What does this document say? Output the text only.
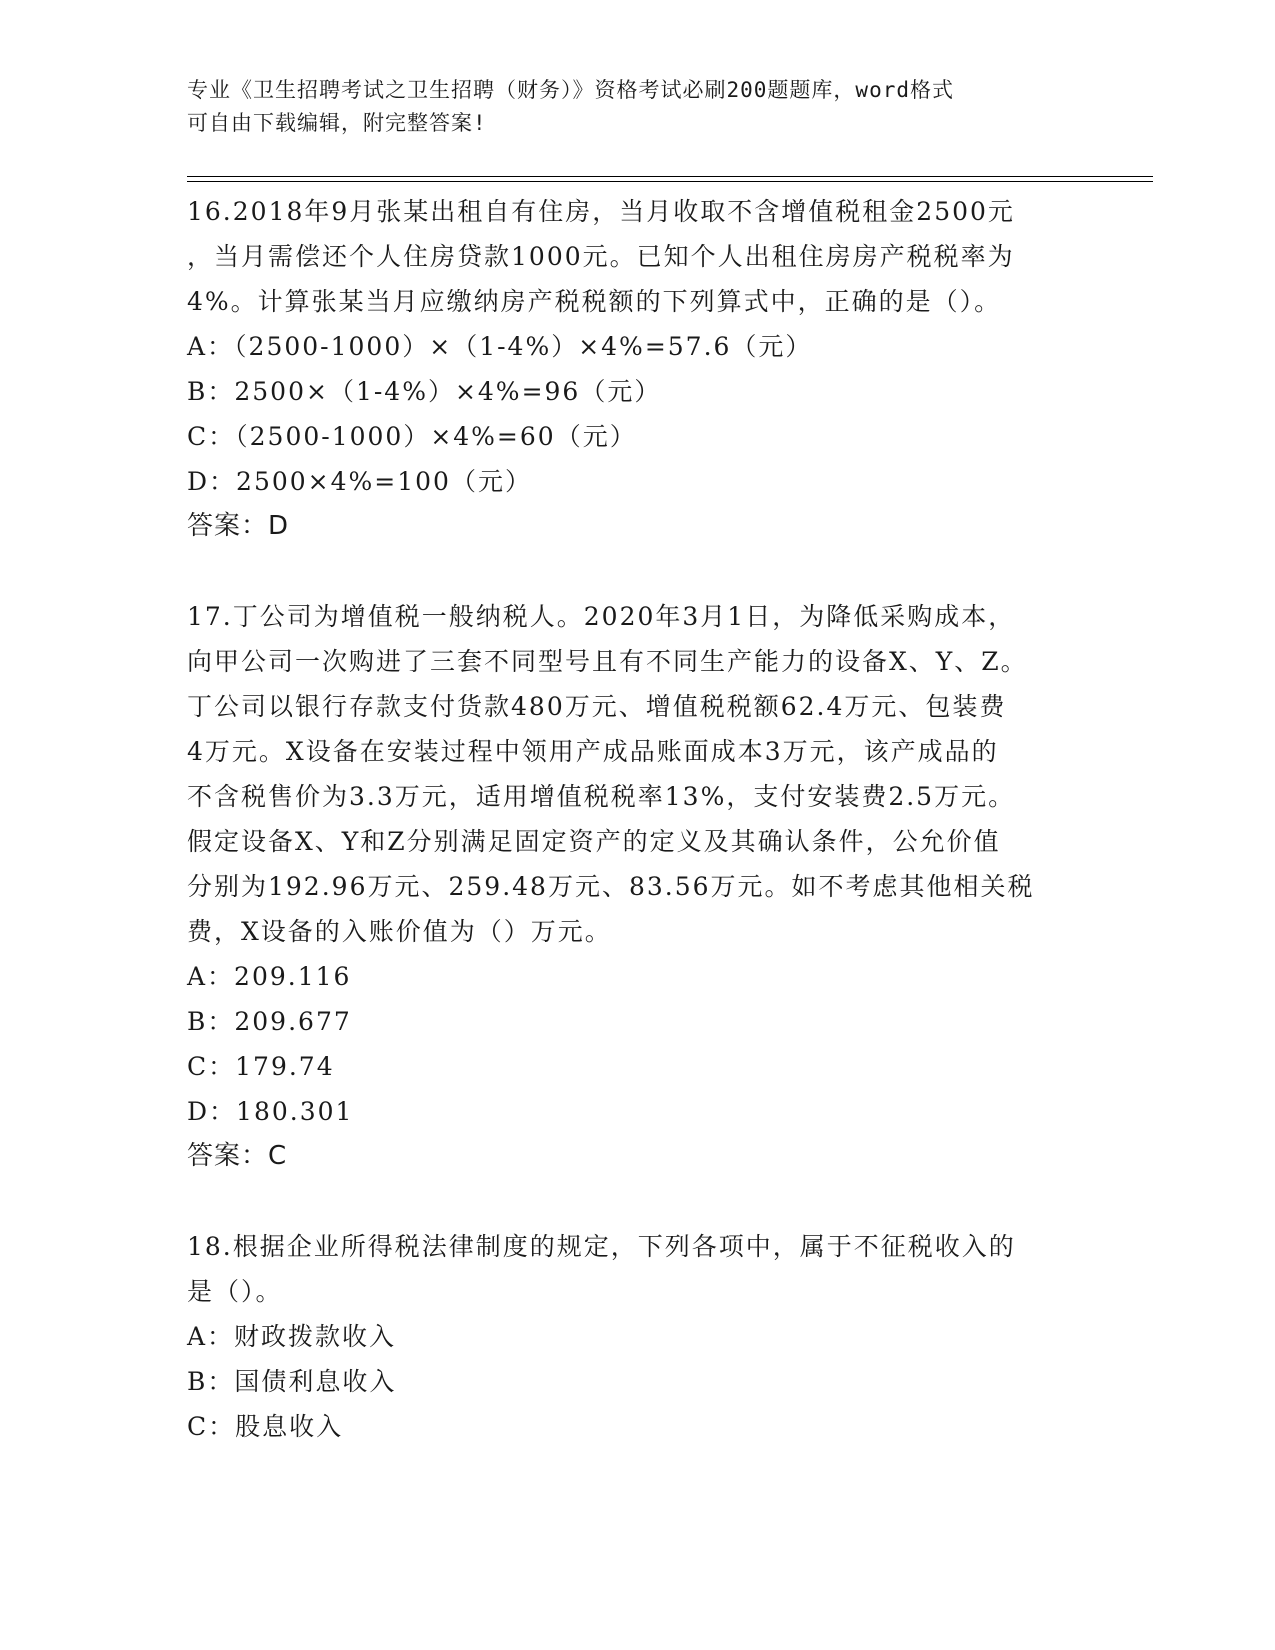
专业《卫生招聘考试之卫生招聘（财务）》资格考试必刷200题题库，word格式
可自由下载编辑，附完整答案!
16.2018年9月张某出租自有住房，当月收取不含增值税租金2500元
，当月需偿还个人住房贷款1000元。已知个人出租住房房产税税率为
4%。计算张某当月应缴纳房产税税额的下列算式中，正确的是（）。
A：（2500-1000）×（1-4%）×4%=57.6（元）
B：2500×（1-4%）×4%=96（元）
C：（2500-1000）×4%=60（元）
D：2500×4%=100（元）
答案：D
17.丁公司为增值税一般纳税人。2020年3月1日，为降低采购成本，
向甲公司一次购进了三套不同型号且有不同生产能力的设备X、Y、Z。
丁公司以银行存款支付货款480万元、增值税税额62.4万元、包装费
4万元。X设备在安装过程中领用产成品账面成本3万元，该产成品的
不含税售价为3.3万元，适用增值税税率13%，支付安装费2.5万元。
假定设备X、Y和Z分别满足固定资产的定义及其确认条件，公允价值
分别为192.96万元、259.48万元、83.56万元。如不考虑其他相关税
费，X设备的入账价值为（）万元。
A：209.116
B：209.677
C：179.74
D：180.301
答案：C
18.根据企业所得税法律制度的规定，下列各项中，属于不征税收入的
是（）。
A：财政拨款收入
B：国债利息收入
C：股息收入
